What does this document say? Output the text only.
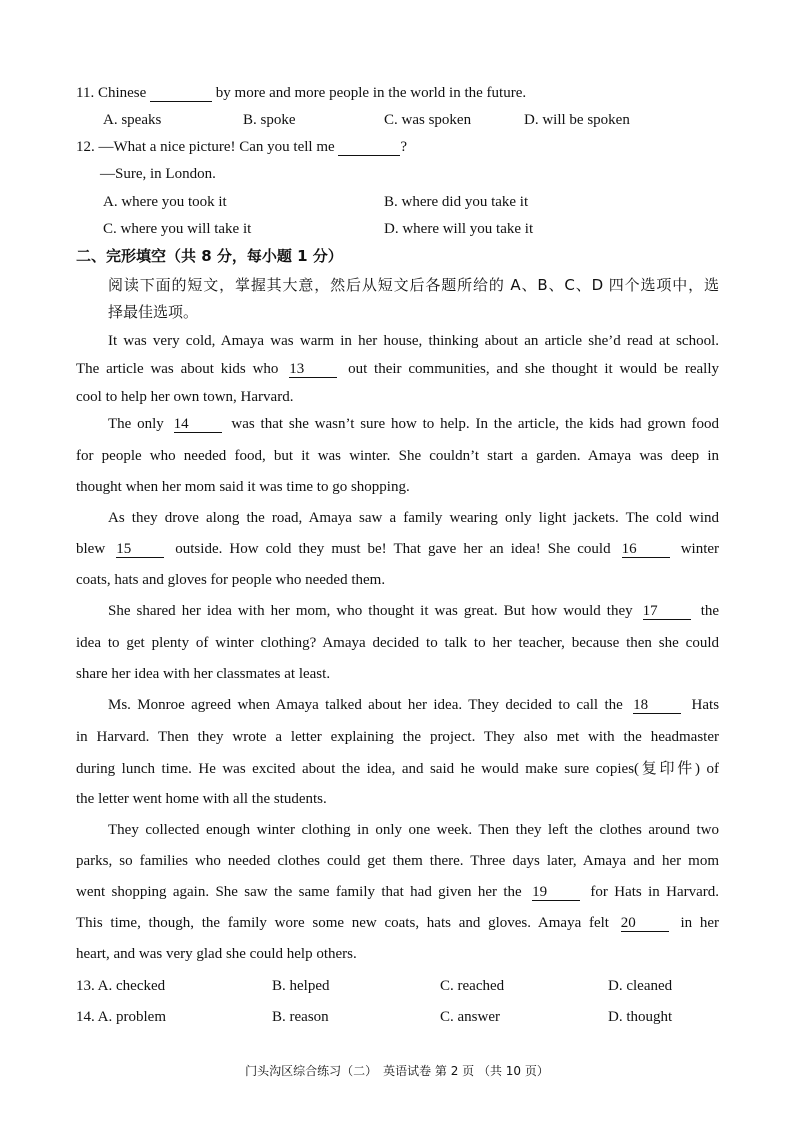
11. Chinese	by more and more people in the world in the future.
A. speaks	B. spoke	C. was spoken	D. will be spoken
12. —What a nice picture! Can you tell me	?
—Sure, in London.
A. where you took it	B. where did you take it
C. where you will take it	D. where will you take it
二、完形填空（共 8 分，每小题 1 分）
阅读下面的短文，掌握其大意，然后从短文后各题所给的 A、B、C、D 四个选项中，选
择最佳选项。
It was very cold, Amaya was warm in her house, thinking about an article she’d read at school.
The article was about kids who 13	out their communities, and she thought it would be really
cool to help her own town, Harvard.
The only 14	was that she wasn’t sure how to help. In the article, the kids had grown food
for people who needed food, but it was winter. She couldn’t start a garden. Amaya was deep in
thought when her mom said it was time to go shopping.
As they drove along the road, Amaya saw a family wearing only light jackets. The cold wind
blew 15	outside. How cold they must be! That gave her an idea! She could 16	winter
coats, hats and gloves for people who needed them.
She shared her idea with her mom, who thought it was great. But how would they 17	the
idea to get plenty of winter clothing? Amaya decided to talk to her teacher, because then she could
share her idea with her classmates at least.
Ms. Monroe agreed when Amaya talked about her idea. They decided to call the 18	Hats
in Harvard. Then they wrote a letter explaining the project. They also met with the headmaster
during lunch time. He was excited about the idea, and said he would make sure copies(复印件) of
the letter went home with all the students.
They collected enough winter clothing in only one week. Then they left the clothes around two
parks, so families who needed clothes could get them there. Three days later, Amaya and her mom
went shopping again. She saw the same family that had given her the 19	for Hats in Harvard.
This time, though, the family wore some new coats, hats and gloves. Amaya felt 20	in her
heart, and was very glad she could help others.
13. A. checked	B. helped	C. reached	D. cleaned
14. A. problem	B. reason	C. answer	D. thought
门头沟区综合练习（二）　英语试卷 第 2 页 （共 10 页）
